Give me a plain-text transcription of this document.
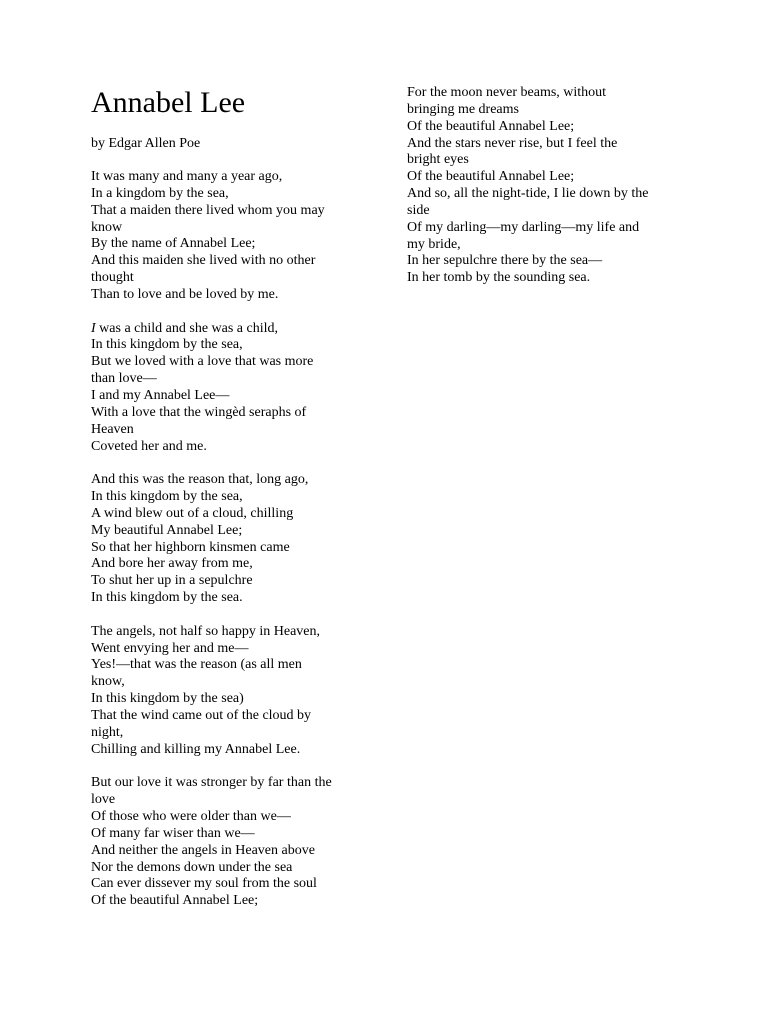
Annabel Lee
by Edgar Allen Poe
It was many and many a year ago,
In a kingdom by the sea,
That a maiden there lived whom you may
know
By the name of Annabel Lee;
And this maiden she lived with no other
thought
Than to love and be loved by me.
I was a child and she was a child,
In this kingdom by the sea,
But we loved with a love that was more
than love—
I and my Annabel Lee—
With a love that the wingèd seraphs of
Heaven
Coveted her and me.
And this was the reason that, long ago,
In this kingdom by the sea,
A wind blew out of a cloud, chilling
My beautiful Annabel Lee;
So that her highborn kinsmen came
And bore her away from me,
To shut her up in a sepulchre
In this kingdom by the sea.
The angels, not half so happy in Heaven,
Went envying her and me—
Yes!—that was the reason (as all men
know,
In this kingdom by the sea)
That the wind came out of the cloud by
night,
Chilling and killing my Annabel Lee.
But our love it was stronger by far than the
love
Of those who were older than we—
Of many far wiser than we—
And neither the angels in Heaven above
Nor the demons down under the sea
Can ever dissever my soul from the soul
Of the beautiful Annabel Lee;
For the moon never beams, without
bringing me dreams
Of the beautiful Annabel Lee;
And the stars never rise, but I feel the
bright eyes
Of the beautiful Annabel Lee;
And so, all the night-tide, I lie down by the
side
Of my darling—my darling—my life and
my bride,
In her sepulchre there by the sea—
In her tomb by the sounding sea.
